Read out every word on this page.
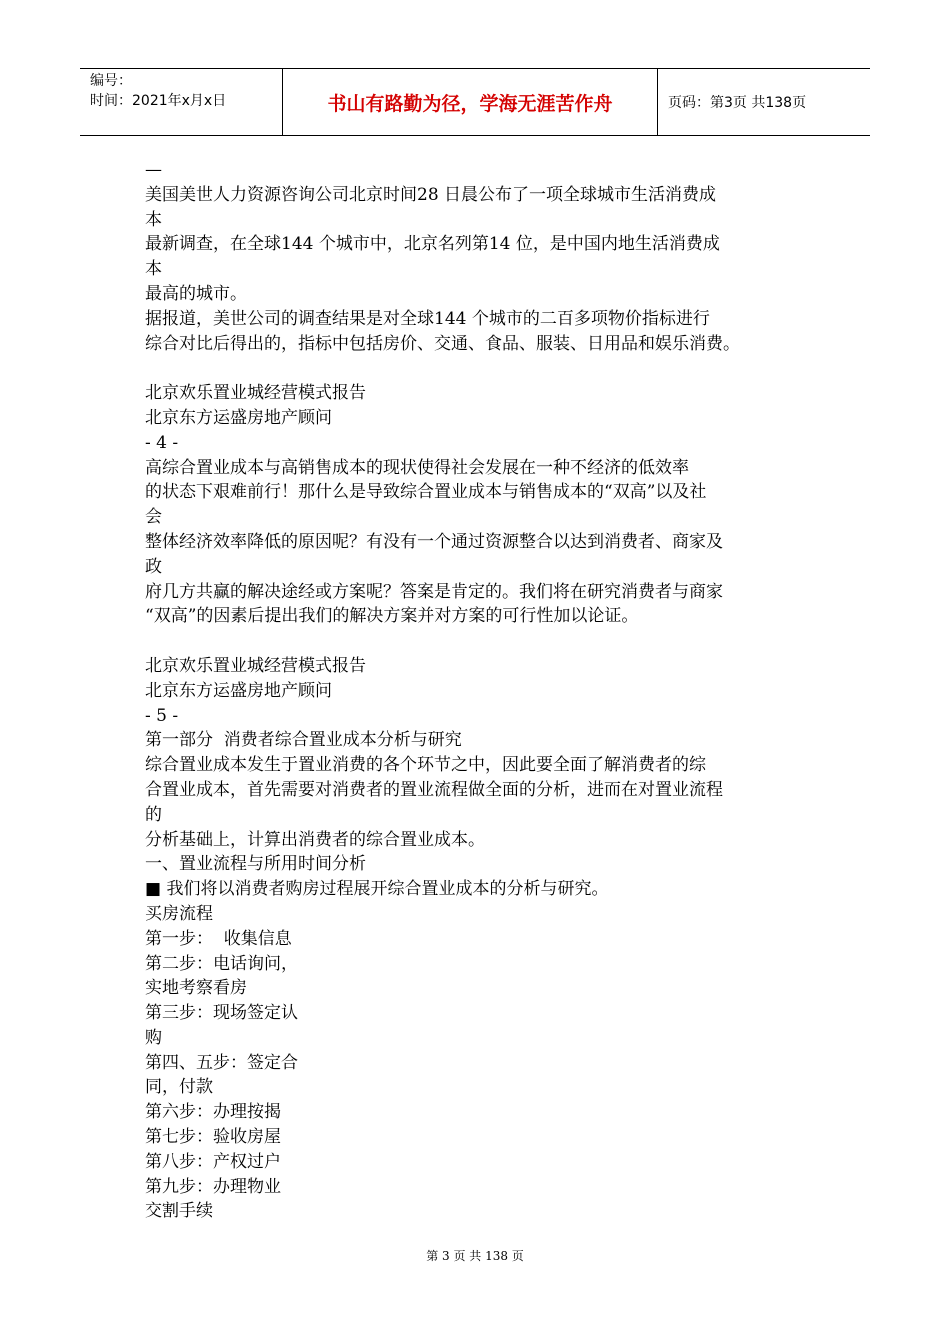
编号：
时间：2021年x月x日	书山有路勤为径，学海无涯苦作舟	页码：第3页 共138页
—
美国美世人力资源咨询公司北京时间28 日晨公布了一项全球城市生活消费成
本
最新调查，在全球144 个城市中，北京名列第14 位，是中国内地生活消费成
本
最高的城市。
据报道，美世公司的调查结果是对全球144 个城市的二百多项物价指标进行
综合对比后得出的，指标中包括房价、交通、食品、服装、日用品和娱乐消费。
北京欢乐置业城经营模式报告
北京东方运盛房地产顾问
- 4 -
高综合置业成本与高销售成本的现状使得社会发展在一种不经济的低效率
的状态下艰难前行！那什么是导致综合置业成本与销售成本的“双高”以及社
会
整体经济效率降低的原因呢？有没有一个通过资源整合以达到消费者、商家及
政
府几方共赢的解决途经或方案呢？答案是肯定的。我们将在研究消费者与商家
“双高”的因素后提出我们的解决方案并对方案的可行性加以论证。
北京欢乐置业城经营模式报告
北京东方运盛房地产顾问
- 5 -
第一部分  消费者综合置业成本分析与研究
综合置业成本发生于置业消费的各个环节之中，因此要全面了解消费者的综
合置业成本，首先需要对消费者的置业流程做全面的分析，进而在对置业流程
的
分析基础上，计算出消费者的综合置业成本。
一、置业流程与所用时间分析
■ 我们将以消费者购房过程展开综合置业成本的分析与研究。
买房流程
第一步：  收集信息
第二步：电话询问，
实地考察看房
第三步：现场签定认
购
第四、五步：签定合
同，付款
第六步：办理按揭
第七步：验收房屋
第八步：产权过户
第九步：办理物业
交割手续
第 3 页 共 138 页
